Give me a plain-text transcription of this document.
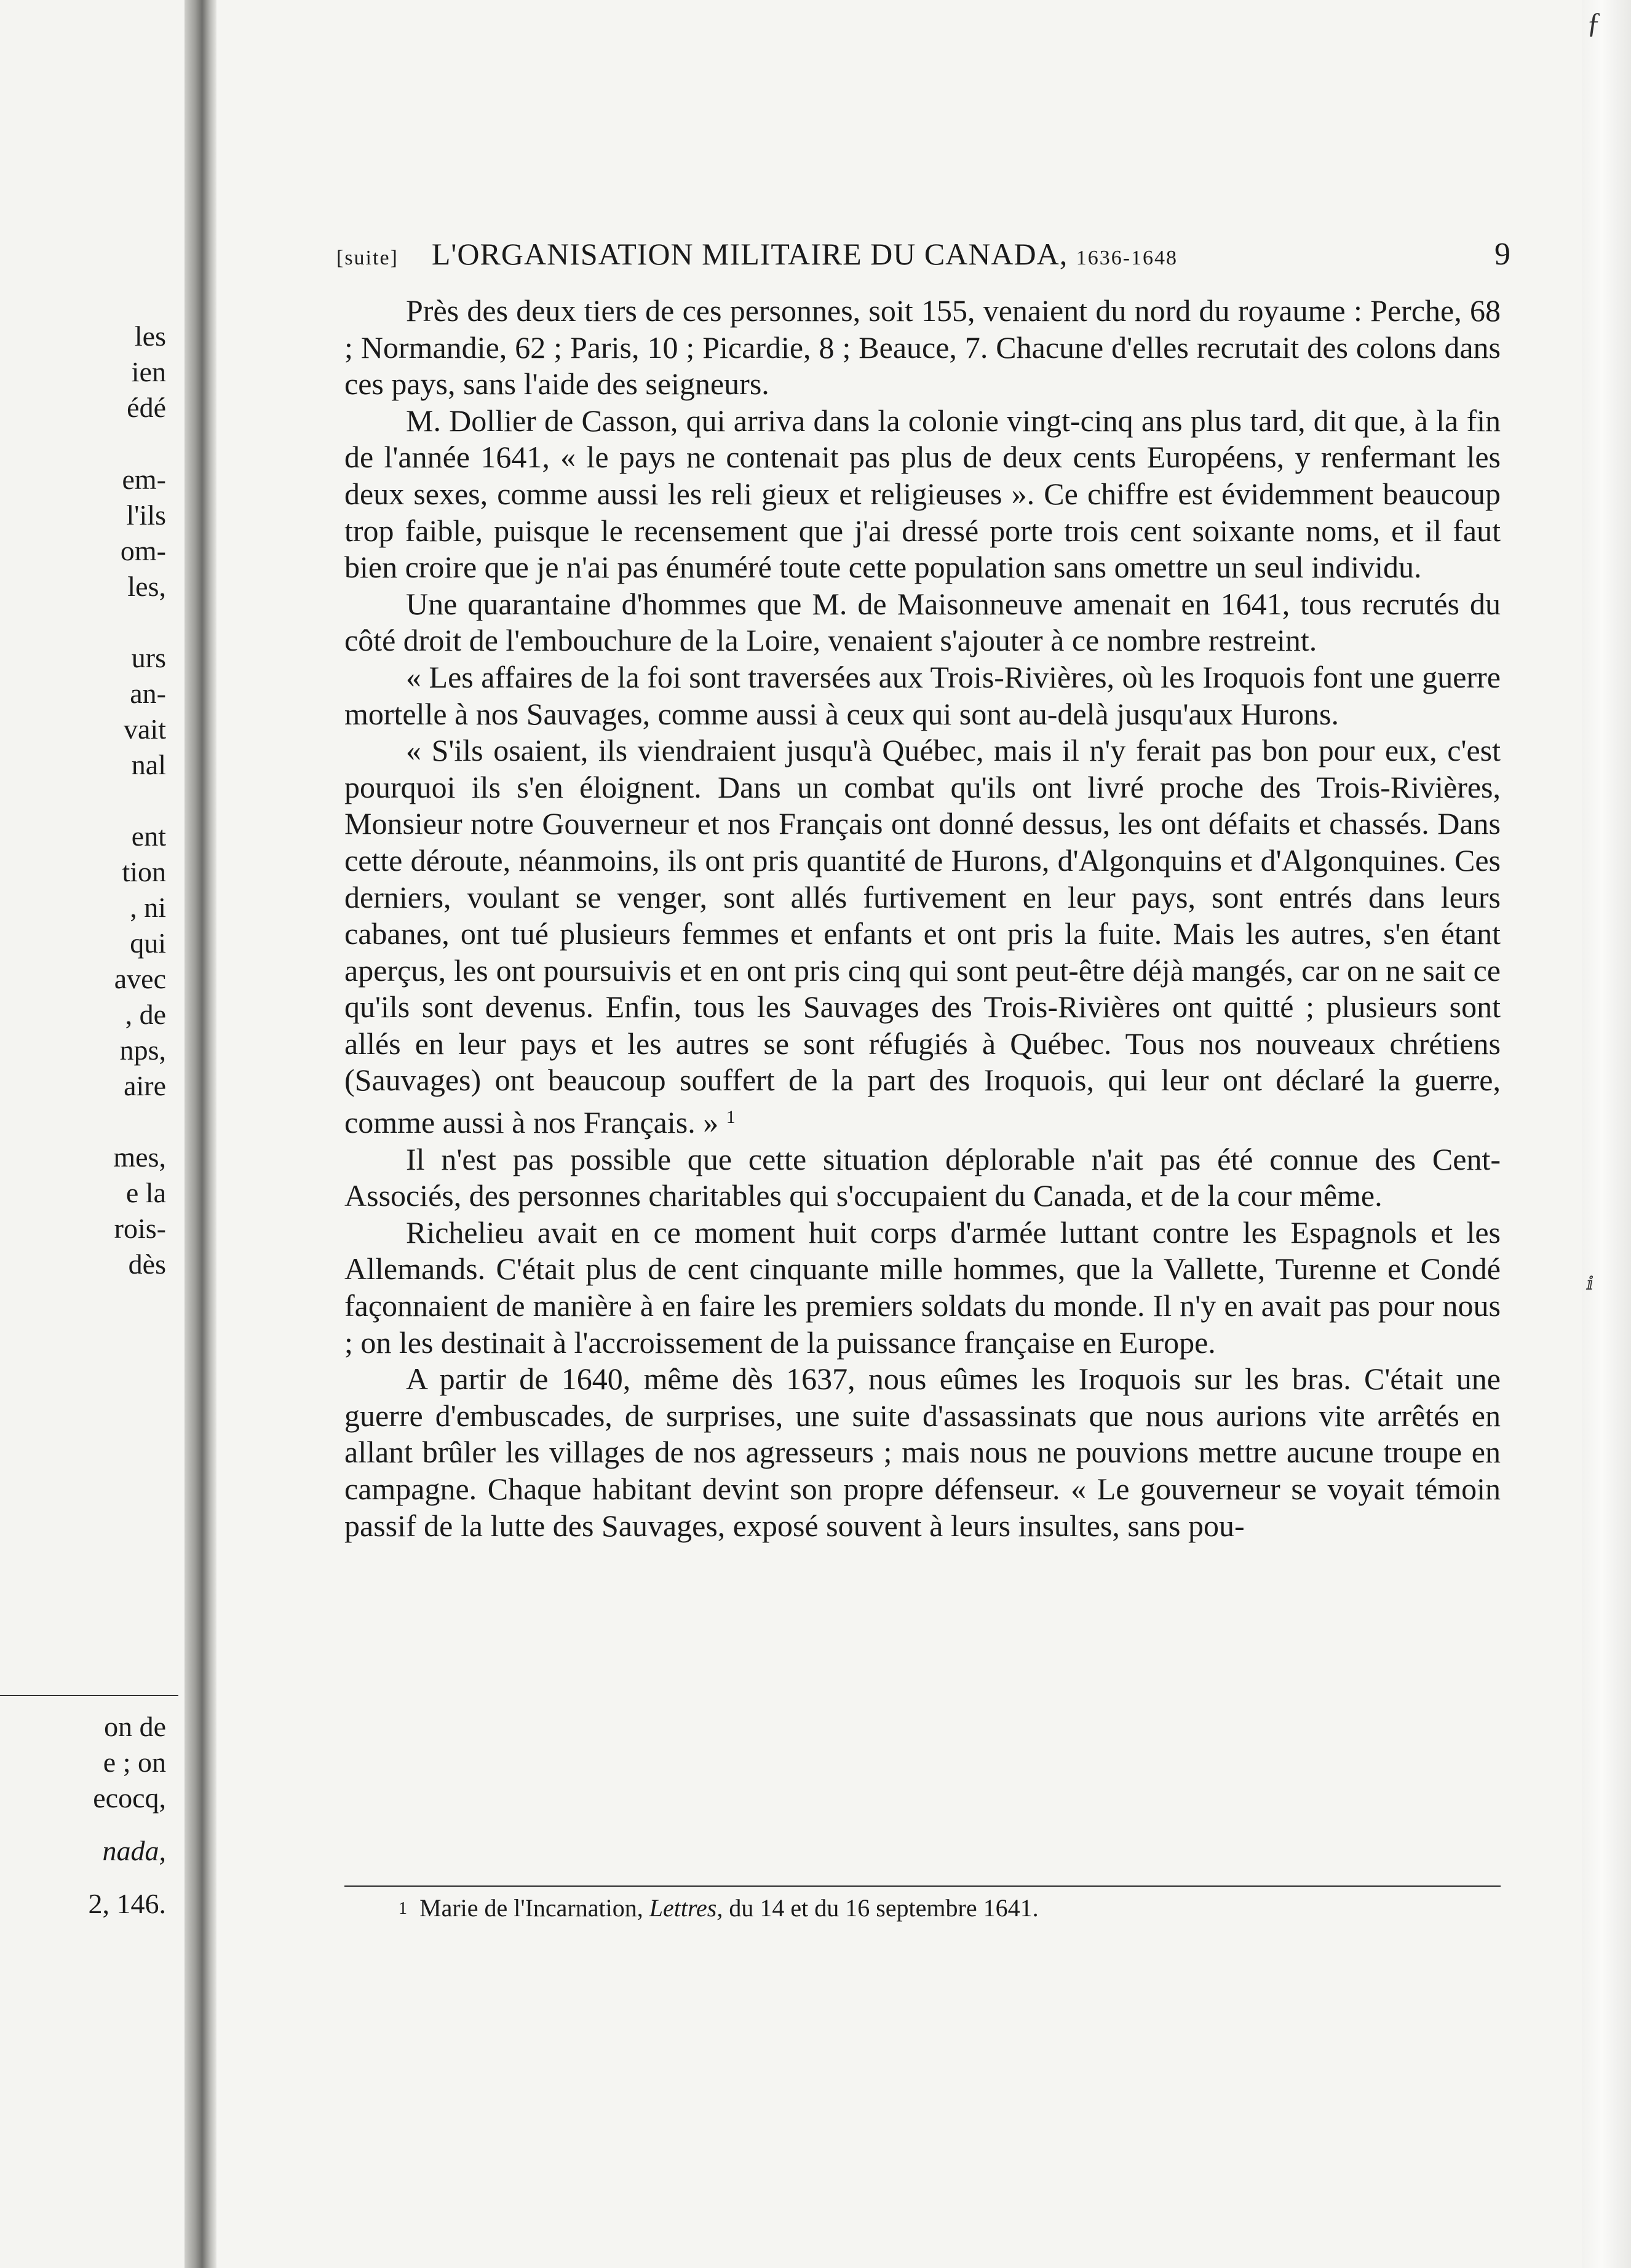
les
ien
édé
em-
l'ils
om-
les,
urs
an-
vait
nal
ent
tion
, ni
qui
avec
, de
nps,
aire
mes,
e la
rois-
dès
on de
e ; on
ecocq,
nada,
2, 146.
[suite] L'ORGANISATION MILITAIRE DU CANADA, 1636-1648	9

Près des deux tiers de ces personnes, soit 155, venaient du nord du royaume : Perche, 68 ; Normandie, 62 ; Paris, 10 ; Picardie, 8 ; Beauce, 7. Chacune d'elles recrutait des colons dans ces pays, sans l'aide des seigneurs.

M. Dollier de Casson, qui arriva dans la colonie vingt-cinq ans plus tard, dit que, à la fin de l'année 1641, « le pays ne contenait pas plus de deux cents Européens, y renfermant les deux sexes, comme aussi les reli gieux et religieuses ». Ce chiffre est évidemment beaucoup trop faible, puisque le recensement que j'ai dressé porte trois cent soixante noms, et il faut bien croire que je n'ai pas énuméré toute cette population sans omettre un seul individu.

Une quarantaine d'hommes que M. de Maisonneuve amenait en 1641, tous recrutés du côté droit de l'embouchure de la Loire, venaient s'ajouter à ce nombre restreint.

« Les affaires de la foi sont traversées aux Trois-Rivières, où les Iroquois font une guerre mortelle à nos Sauvages, comme aussi à ceux qui sont au-delà jusqu'aux Hurons.

« S'ils osaient, ils viendraient jusqu'à Québec, mais il n'y ferait pas bon pour eux, c'est pourquoi ils s'en éloignent. Dans un combat qu'ils ont livré proche des Trois-Rivières, Monsieur notre Gouverneur et nos Français ont donné dessus, les ont défaits et chassés. Dans cette déroute, néanmoins, ils ont pris quantité de Hurons, d'Algonquins et d'Algonquines. Ces derniers, voulant se venger, sont allés furtivement en leur pays, sont entrés dans leurs cabanes, ont tué plusieurs femmes et enfants et ont pris la fuite. Mais les autres, s'en étant aperçus, les ont poursuivis et en ont pris cinq qui sont peut-être déjà mangés, car on ne sait ce qu'ils sont devenus. Enfin, tous les Sauvages des Trois-Rivières ont quitté ; plusieurs sont allés en leur pays et les autres se sont réfugiés à Québec. Tous nos nouveaux chrétiens (Sauvages) ont beaucoup souffert de la part des Iroquois, qui leur ont déclaré la guerre, comme aussi à nos Français. » $^1$

Il n'est pas possible que cette situation déplorable n'ait pas été connue des Cent-Associés, des personnes charitables qui s'occupaient du Canada, et de la cour même.

Richelieu avait en ce moment huit corps d'armée luttant contre les Espagnols et les Allemands. C'était plus de cent cinquante mille hommes, que la Vallette, Turenne et Condé façonnaient de manière à en faire les premiers soldats du monde. Il n'y en avait pas pour nous ; on les destinait à l'accroissement de la puissance française en Europe.

A partir de 1640, même dès 1637, nous eûmes les Iroquois sur les bras. C'était une guerre d'embuscades, de surprises, une suite d'assassinats que nous aurions vite arrêtés en allant brûler les villages de nos agresseurs ; mais nous ne pouvions mettre aucune troupe en campagne. Chaque habitant devint son propre défenseur. « Le gouverneur se voyait témoin passif de la lutte des Sauvages, exposé souvent à leurs insultes, sans pou-

1 Marie de l'Incarnation, Lettres, du 14 et du 16 septembre 1641.
ƒ
ⅈ
